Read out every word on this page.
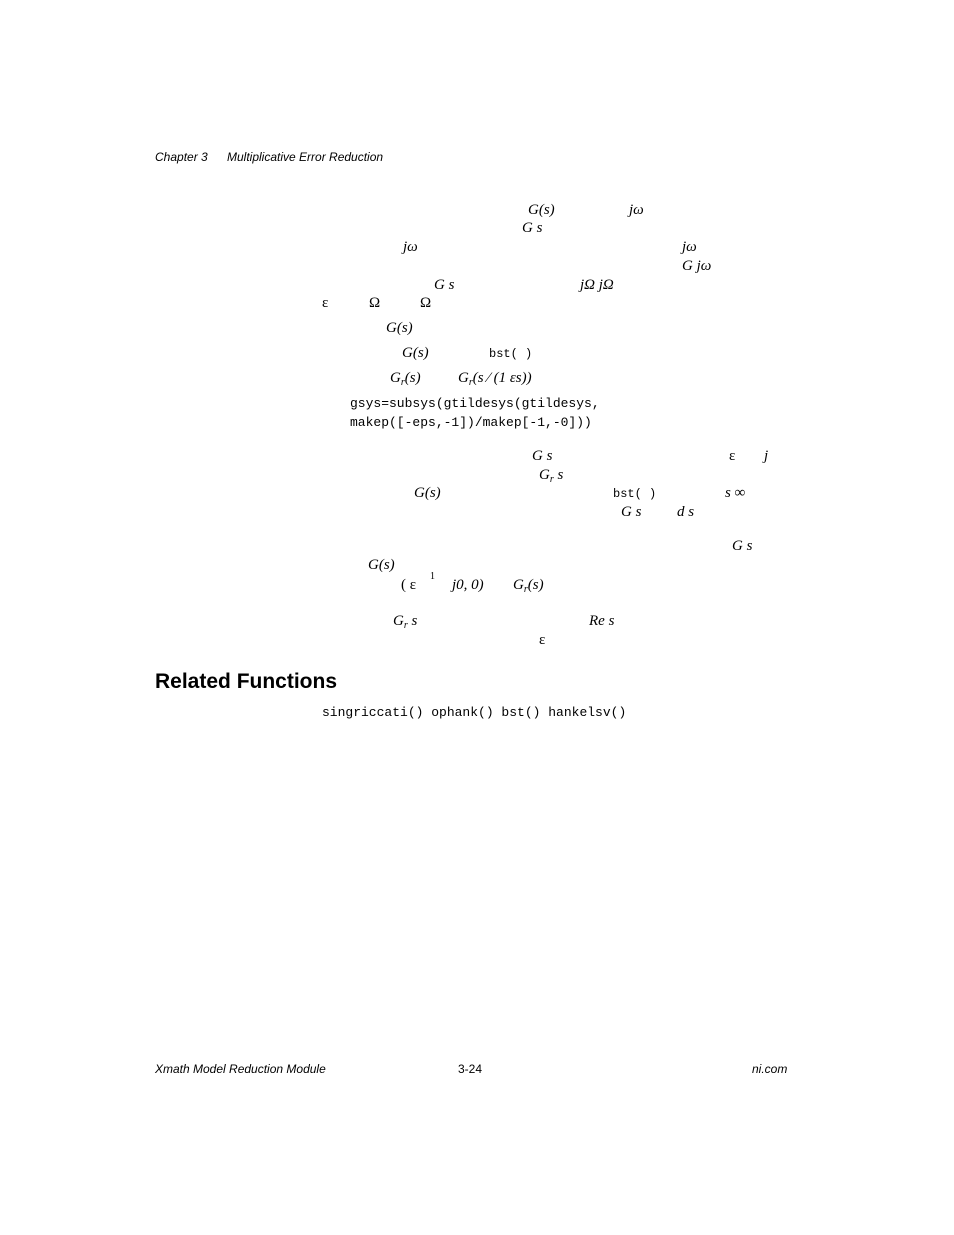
Chapter 3 Multiplicative Error Reduction
G(s)	jω
G s
jω	jω
G jω
G s	jΩ jΩ
ε	Ω	Ω
G(s)
G(s)	bst( )
$G_r(s)$ $G_r(s$ ⁄ (1 εs))
gsys=subsys(gtildesys(gtildesys,
makep([-eps,-1])/makep[-1,-0]))
G s	ε j
$G_r$ s
G(s)	bst( )	s ∞
G s d s
G s
G(s)
( ε
1
j0, 0) $G_r(s)$
$G_r$ s	Re s
ε
Related Functions
singriccati() ophank() bst() hankelsv()
Xmath Model Reduction Module	3-24	ni.com
